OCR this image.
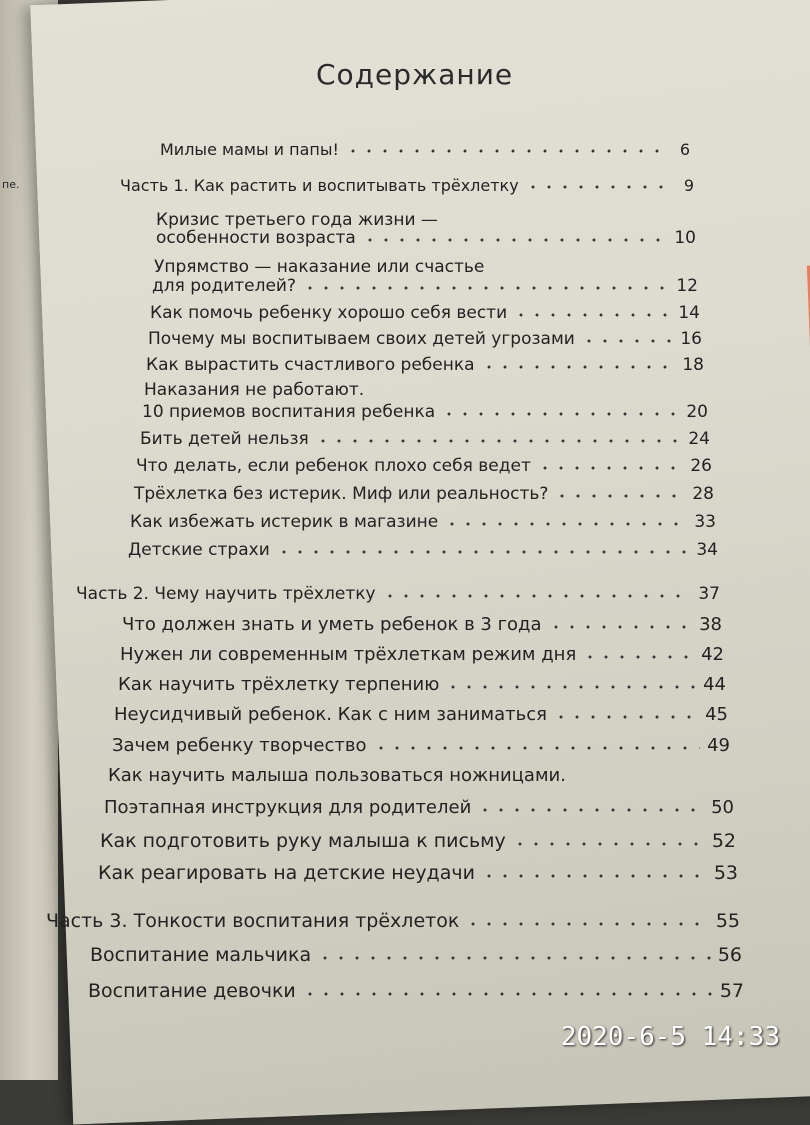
пе.
Содержание
Милые мамы и папы!	6
Часть 1. Как растить и воспитывать трёхлетку	9
Кризис третьего года жизни —
особенности возраста	10
Упрямство — наказание или счастье
для родителей?	12
Как помочь ребенку хорошо себя вести	14
Почему мы воспитываем своих детей угрозами	16
Как вырастить счастливого ребенка	18
Наказания не работают.
10 приемов воспитания ребенка	20
Бить детей нельзя	24
Что делать, если ребенок плохо себя ведет	26
Трёхлетка без истерик. Миф или реальность?	28
Как избежать истерик в магазине	33
Детские страхи	34
Часть 2. Чему научить трёхлетку	37
Что должен знать и уметь ребенок в 3 года	38
Нужен ли современным трёхлеткам режим дня	42
Как научить трёхлетку терпению	44
Неусидчивый ребенок. Как с ним заниматься	45
Зачем ребенку творчество	49
Как научить малыша пользоваться ножницами.
Поэтапная инструкция для родителей	50
Как подготовить руку малыша к письму	52
Как реагировать на детские неудачи	53
Часть 3. Тонкости воспитания трёхлеток	55
Воспитание мальчика	56
Воспитание девочки	57
2020-6-5 14:33
